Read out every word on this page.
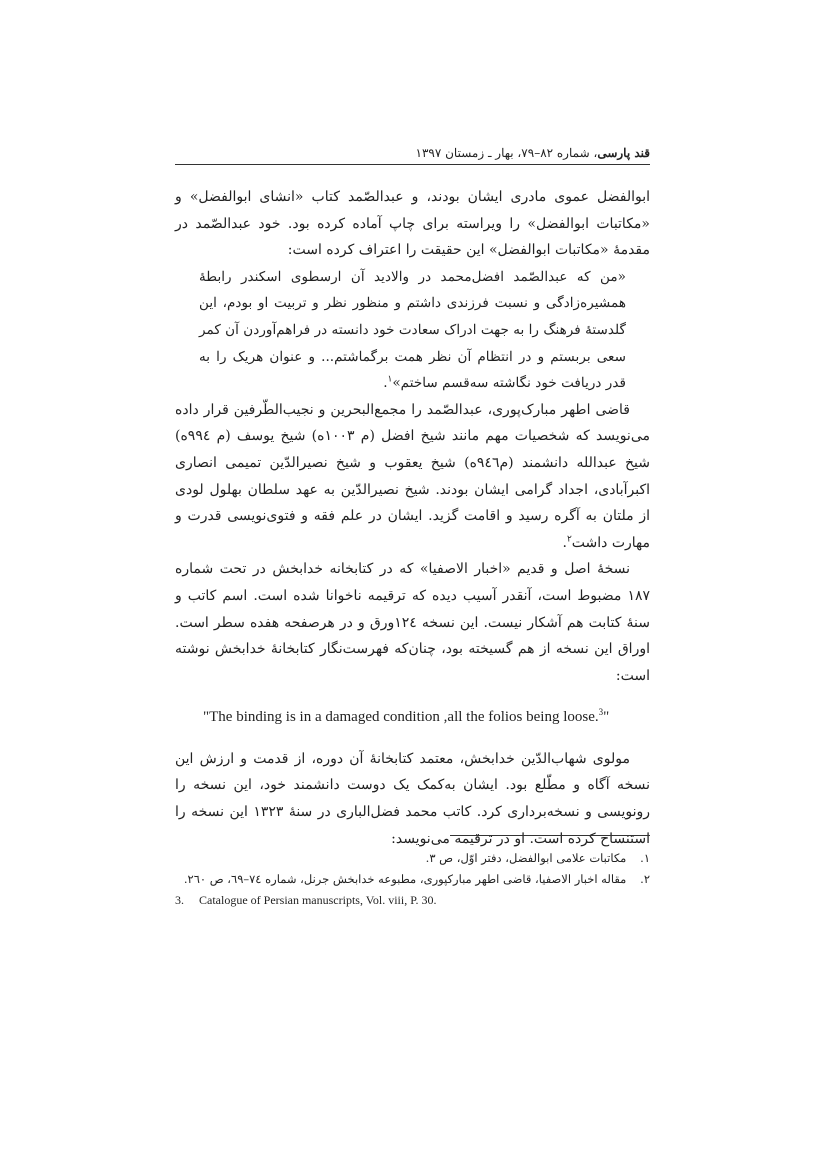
قند پارسی، شماره ۸۲–۷۹، بهار ـ زمستان ۱۳۹۷

ابوالفضل عموی مادری ایشان بودند، و عبدالصّمد کتاب «انشای ابوالفضل» و «مکاتبات ابوالفضل» را ویراسته برای چاپ آماده کرده بود. خود عبدالصّمد در مقدمهٔ «مکاتبات ابوالفضل» این حقیقت را اعتراف کرده است:

«من که عبدالصّمد افضل‌محمد در والادید آن ارسطوی اسکندر رابطهٔ همشیره‌زادگی و نسبت فرزندی داشتم و منظور نظر و تربیت او بودم، این گلدستهٔ فرهنگ را به جهت ادراک سعادت خود دانسته در فراهم‌آوردن آن کمر سعی بربستم و در انتظام آن نظر همت برگماشتم... و عنوان هریک را به قدر دریافت خود نگاشته سه‌قسم ساختم»$^۱$.

قاضی اطهر مبارک‌پوری، عبدالصّمد را مجمع‌البحرین و نجیب‌الطّرفین قرار داده می‌نویسد که شخصیات مهم مانند شیخ افضل (م ۱۰۰۳ه) شیخ یوسف (م ۹۹٤ه) شیخ عبدالله دانشمند (م۹٤٦ه) شیخ یعقوب و شیخ نصیرالدّین تمیمی انصاری اکبرآبادی، اجداد گرامی ایشان بودند. شیخ نصیرالدّین به عهد سلطان بهلول لودی از ملتان به آگره رسید و اقامت گزید. ایشان در علم فقه و فتوی‌نویسی قدرت و مهارت داشت$^۲$.

نسخهٔ اصل و قدیم «اخبار الاصفیا» که در کتابخانه خدابخش در تحت شماره ۱۸۷ مضبوط است، آنقدر آسیب دیده که ترقیمه ناخوانا شده است. اسم کاتب و سنهٔ کتابت هم آشکار نیست. این نسخه ۱۲٤ورق و در هرصفحه هفده سطر است. اوراق این نسخه از هم گسیخته بود، چنان‌که فهرست‌نگار کتابخانهٔ خدابخش نوشته است:

"The binding is in a damaged condition ,all the folios being loose.$^3$"

مولوی شهاب‌الدّین خدابخش، معتمد کتابخانهٔ آن دوره، از قدمت و ارزش این نسخه آگاه و مطّلع بود. ایشان به‌کمک یک دوست دانشمند خود، این نسخه را رونویسی و نسخه‌برداری کرد. کاتب محمد فضل‌الباری در سنهٔ ۱۳۲۳ این نسخه را استنساخ کرده است. او در ترقیمه می‌نویسد:

۱. مکاتبات علامی ابوالفضل، دفتر اوّل، ص ۳.
۲. مقاله اخبار الاصفیا، قاضی اطهر مبارکپوری، مطبوعه خدابخش جرنل، شماره ۷٤–٦۹، ص ۲٦۰.
3. Catalogue of Persian manuscripts, Vol. viii, P. 30.
